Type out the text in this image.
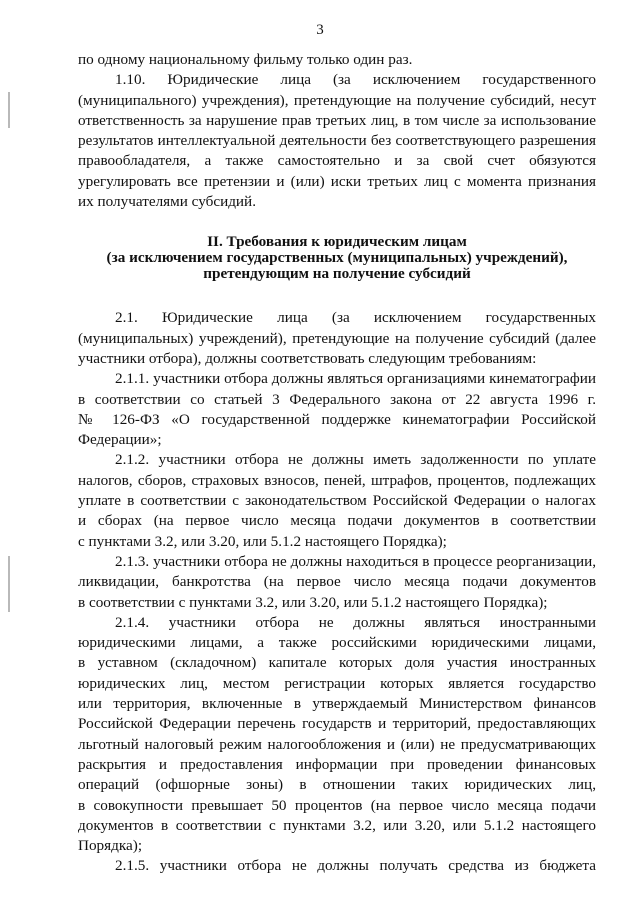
3
по одному национальному фильму только один раз.
1.10. Юридические лица (за исключением государственного
(муниципального) учреждения), претендующие на получение субсидий, несут
ответственность за нарушение прав третьих лиц, в том числе за использование
результатов интеллектуальной деятельности без соответствующего разрешения
правообладателя, а также самостоятельно и за свой счет обязуются
урегулировать все претензии и (или) иски третьих лиц с момента признания
их получателями субсидий.
II. Требования к юридическим лицам
(за исключением государственных (муниципальных) учреждений),
претендующим на получение субсидий
2.1. Юридические лица (за исключением государственных
(муниципальных) учреждений), претендующие на получение субсидий (далее
участники отбора), должны соответствовать следующим требованиям:
2.1.1. участники отбора должны являться организациями кинематографии
в соответствии со статьей 3 Федерального закона от 22 августа 1996 г.
№ 126-ФЗ «О государственной поддержке кинематографии Российской
Федерации»;
2.1.2. участники отбора не должны иметь задолженности по уплате
налогов, сборов, страховых взносов, пеней, штрафов, процентов, подлежащих
уплате в соответствии с законодательством Российской Федерации о налогах
и сборах (на первое число месяца подачи документов в соответствии
с пунктами 3.2, или 3.20, или 5.1.2 настоящего Порядка);
2.1.3. участники отбора не должны находиться в процессе реорганизации,
ликвидации, банкротства (на первое число месяца подачи документов
в соответствии с пунктами 3.2, или 3.20, или 5.1.2 настоящего Порядка);
2.1.4. участники отбора не должны являться иностранными
юридическими лицами, а также российскими юридическими лицами,
в уставном (складочном) капитале которых доля участия иностранных
юридических лиц, местом регистрации которых является государство
или территория, включенные в утверждаемый Министерством финансов
Российской Федерации перечень государств и территорий, предоставляющих
льготный налоговый режим налогообложения и (или) не предусматривающих
раскрытия и предоставления информации при проведении финансовых
операций (офшорные зоны) в отношении таких юридических лиц,
в совокупности превышает 50 процентов (на первое число месяца подачи
документов в соответствии с пунктами 3.2, или 3.20, или 5.1.2 настоящего
Порядка);
2.1.5. участники отбора не должны получать средства из бюджета
